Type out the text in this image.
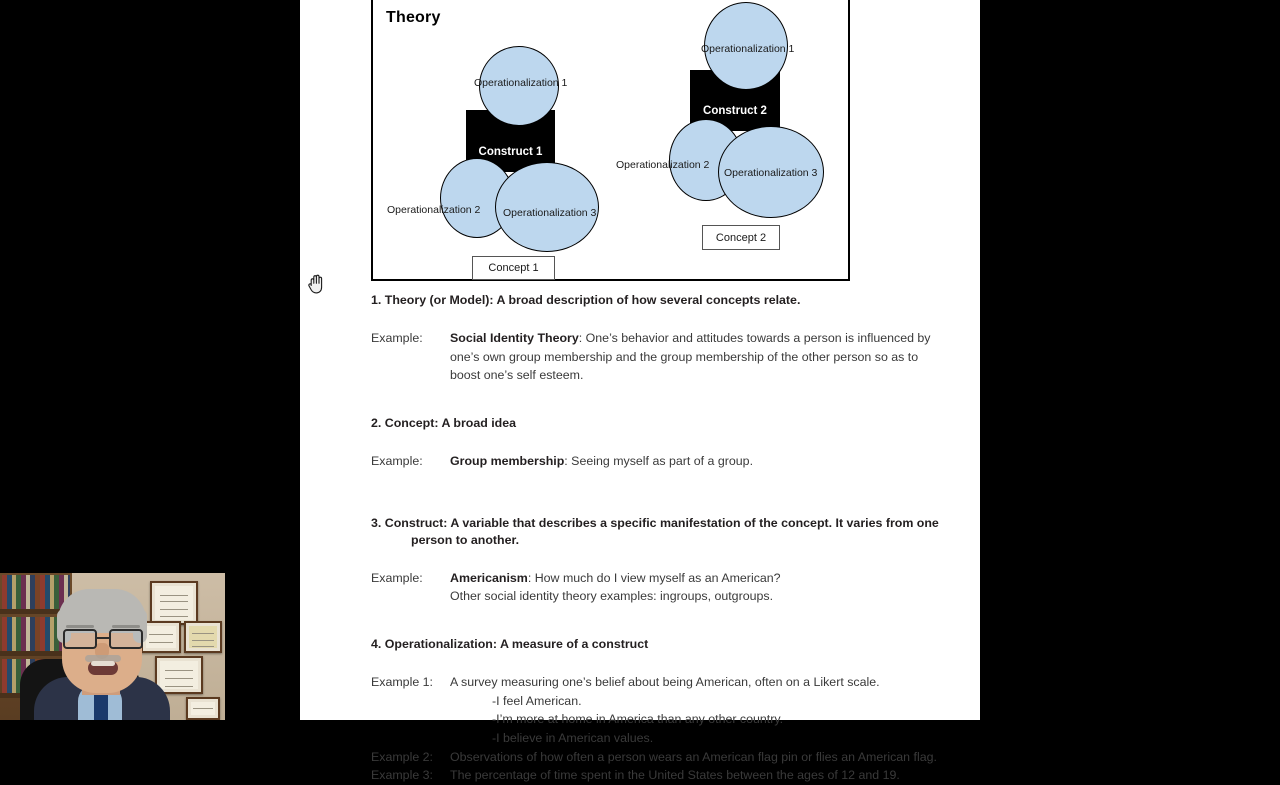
Theory
Construct 1
Operationalization 1
Operationalization 2 Operationalization 3
Concept 1
Construct 2
Operationalization 1
Operationalization 2
Operationalization 3
Concept 2
1. Theory (or Model): A broad description of how several concepts relate.
Example:	Social Identity Theory: One’s behavior and attitudes towards a person is influenced by one’s own group membership and the group membership of the other person so as to boost one’s self esteem.
2. Concept: A broad idea
Example:	Group membership: Seeing myself as part of a group.
3. Construct: A variable that describes a specific manifestation of the concept. It varies from one
person to another.
Example:	Americanism: How much do I view myself as an American?
Other social identity theory examples: ingroups, outgroups.
4. Operationalization: A measure of a construct
Example 1:	A survey measuring one’s belief about being American, often on a Likert scale.
-I feel American.
-I’m more at home in America than any other country.
-I believe in American values.
Example 2:	Observations of how often a person wears an American flag pin or flies an American flag.
Example 3:	The percentage of time spent in the United States between the ages of 12 and 19.
